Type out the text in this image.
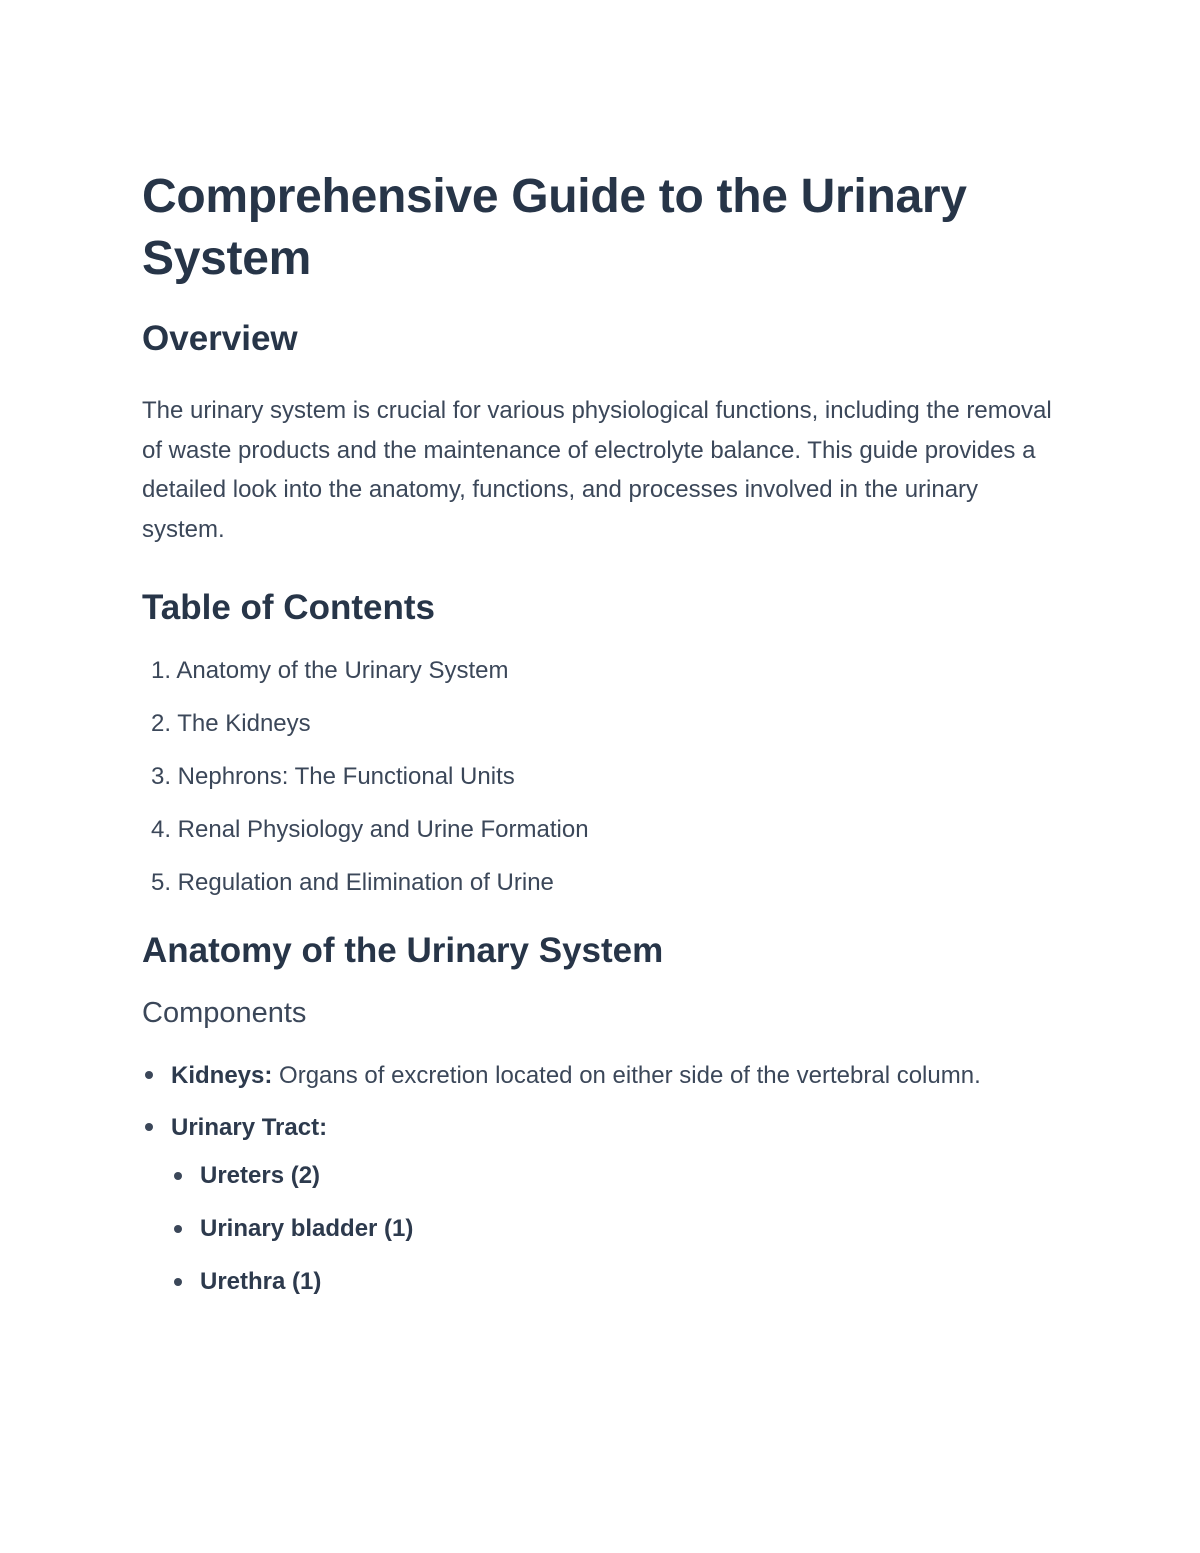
Comprehensive Guide to the Urinary System
Overview

The urinary system is crucial for various physiological functions, including the removal of waste products and the maintenance of electrolyte balance. This guide provides a detailed look into the anatomy, functions, and processes involved in the urinary system.

Table of Contents
1. Anatomy of the Urinary System
2. The Kidneys
3. Nephrons: The Functional Units
4. Renal Physiology and Urine Formation
5. Regulation and Elimination of Urine
Anatomy of the Urinary System
Components
Kidneys: Organs of excretion located on either side of the vertebral column.
Urinary Tract:
Ureters (2)
Urinary bladder (1)
Urethra (1)
